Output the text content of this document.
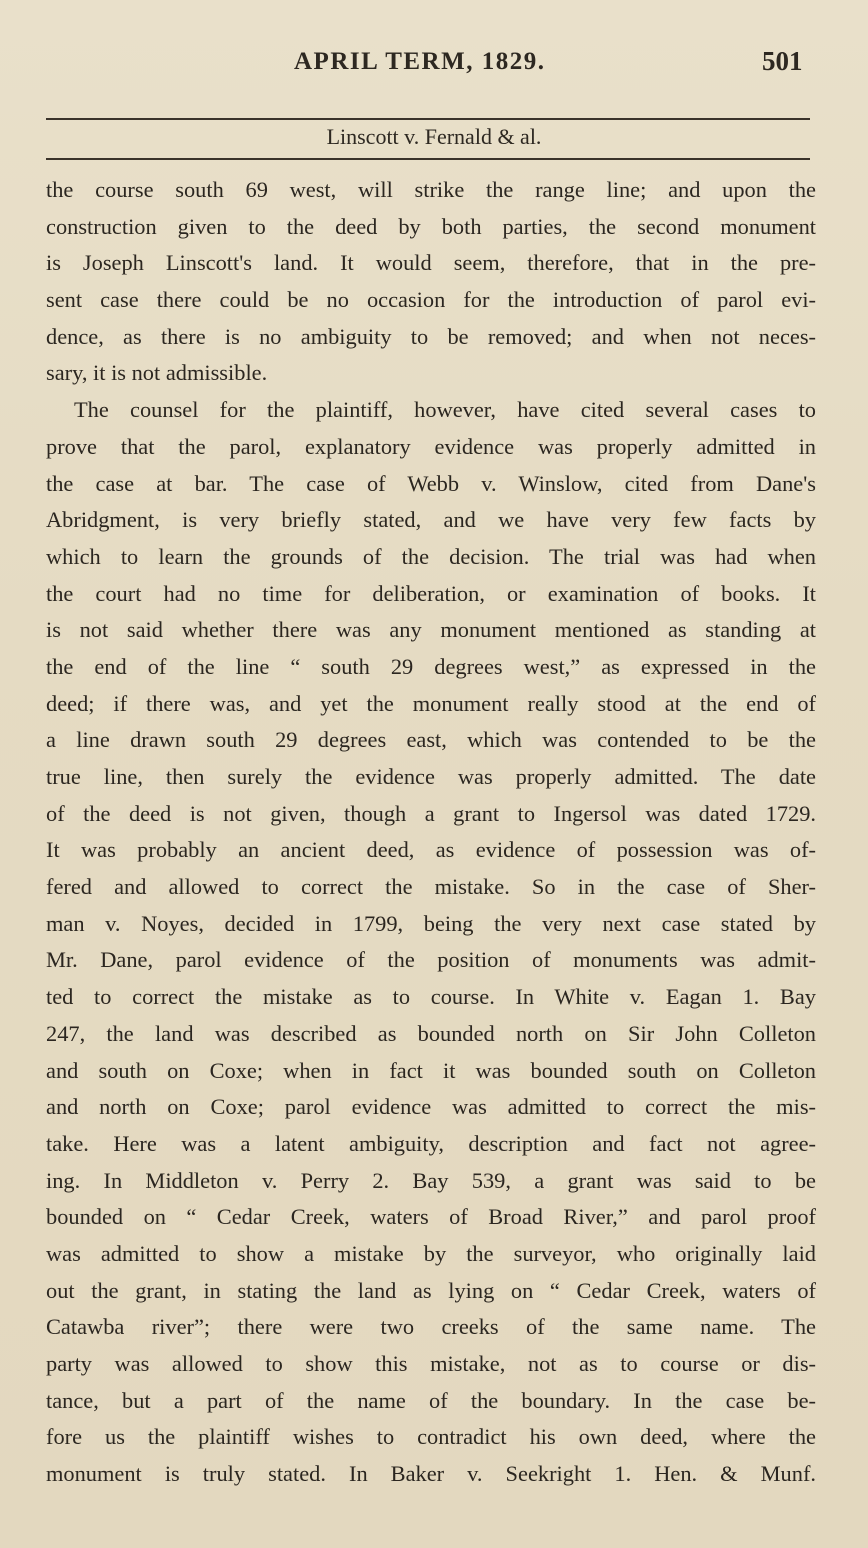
APRIL TERM, 1829.	501
Linscott v. Fernald & al.
the course south 69 west, will strike the range line; and upon the
construction given to the deed by both parties, the second monument
is Joseph Linscott's land. It would seem, therefore, that in the pre-
sent case there could be no occasion for the introduction of parol evi-
dence, as there is no ambiguity to be removed; and when not neces-
sary, it is not admissible.
The counsel for the plaintiff, however, have cited several cases to
prove that the parol, explanatory evidence was properly admitted in
the case at bar. The case of Webb v. Winslow, cited from Dane's
Abridgment, is very briefly stated, and we have very few facts by
which to learn the grounds of the decision. The trial was had when
the court had no time for deliberation, or examination of books. It
is not said whether there was any monument mentioned as standing at
the end of the line “ south 29 degrees west,” as expressed in the
deed; if there was, and yet the monument really stood at the end of
a line drawn south 29 degrees east, which was contended to be the
true line, then surely the evidence was properly admitted. The date
of the deed is not given, though a grant to Ingersol was dated 1729.
It was probably an ancient deed, as evidence of possession was of-
fered and allowed to correct the mistake. So in the case of Sher-
man v. Noyes, decided in 1799, being the very next case stated by
Mr. Dane, parol evidence of the position of monuments was admit-
ted to correct the mistake as to course. In White v. Eagan 1. Bay
247, the land was described as bounded north on Sir John Colleton
and south on Coxe; when in fact it was bounded south on Colleton
and north on Coxe; parol evidence was admitted to correct the mis-
take. Here was a latent ambiguity, description and fact not agree-
ing. In Middleton v. Perry 2. Bay 539, a grant was said to be
bounded on “ Cedar Creek, waters of Broad River,” and parol proof
was admitted to show a mistake by the surveyor, who originally laid
out the grant, in stating the land as lying on “ Cedar Creek, waters of
Catawba river”; there were two creeks of the same name. The
party was allowed to show this mistake, not as to course or dis-
tance, but a part of the name of the boundary. In the case be-
fore us the plaintiff wishes to contradict his own deed, where the
monument is truly stated. In Baker v. Seekright 1. Hen. & Munf.
